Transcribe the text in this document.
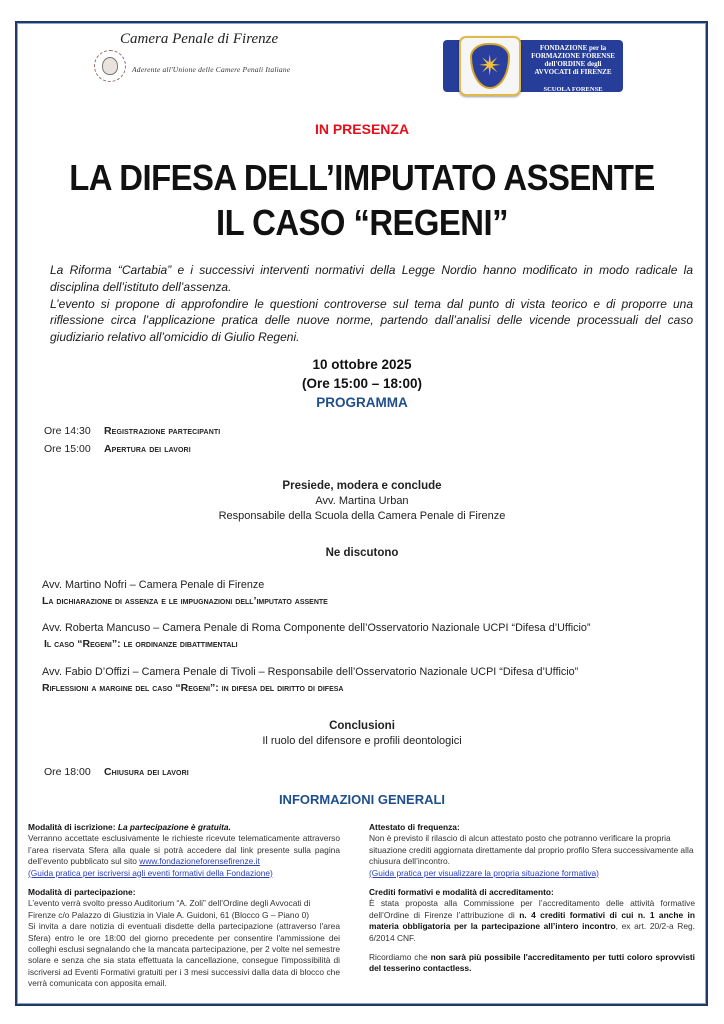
Camera Penale di Firenze
Aderente all'Unione delle Camere Penali Italiane	✴
FONDAZIONE per la
FORMAZIONE FORENSE
dell'ORDINE degli
AVVOCATI di FIRENZE
SCUOLA FORENSE
IN PRESENZA
LA DIFESA DELL’IMPUTATO ASSENTE
IL CASO “REGENI”

La Riforma “Cartabia” e i successivi interventi normativi della Legge Nordio hanno modificato in modo radicale la disciplina dell’istituto dell’assenza.

L’evento si propone di approfondire le questioni controverse sul tema dal punto di vista teorico e di proporre una riflessione circa l’applicazione pratica delle nuove norme, partendo dall’analisi delle vicende processuali del caso giudiziario relativo all’omicidio di Giulio Regeni.

10 ottobre 2025
(Ore 15:00 – 18:00)
PROGRAMMA
Ore 14:30	Registrazione partecipanti
Ore 15:00	Apertura dei lavori
Presiede, modera e conclude
Avv. Martina Urban
Responsabile della Scuola della Camera Penale di Firenze
Ne discutono
Avv. Martino Nofri – Camera Penale di Firenze
La dichiarazione di assenza e le impugnazioni dell’imputato assente
Avv. Roberta Mancuso – Camera Penale di Roma Componente dell’Osservatorio Nazionale UCPI “Difesa d’Ufficio”
Il caso “Regeni”: le ordinanze dibattimentali
Avv. Fabio D’Offizi – Camera Penale di Tivoli – Responsabile dell’Osservatorio Nazionale UCPI “Difesa d’Ufficio”
Riflessioni a margine del caso “Regeni”: in difesa del diritto di difesa
Conclusioni
Il ruolo del difensore e profili deontologici
Ore 18:00	Chiusura dei lavori
INFORMAZIONI GENERALI
Modalità di iscrizione: La partecipazione è gratuita.
Verranno accettate esclusivamente le richieste ricevute telematicamente attraverso l’area riservata Sfera alla quale si potrà accedere dal link presente sulla pagina dell’evento pubblicato sul sito www.fondazioneforensefirenze.it
(Guida pratica per iscriversi agli eventi formativi della Fondazione)
Modalità di partecipazione:
L’evento verrà svolto presso Auditorium “A. Zoli” dell’Ordine degli Avvocati di Firenze c/o Palazzo di Giustizia in Viale A. Guidoni, 61 (Blocco G – Piano 0)
Si invita a dare notizia di eventuali disdette della partecipazione (attraverso l'area Sfera) entro le ore 18:00 del giorno precedente per consentire l'ammissione dei colleghi esclusi segnalando che la mancata partecipazione, per 2 volte nel semestre solare e senza che sia stata effettuata la cancellazione, consegue l'impossibilità di iscriversi ad Eventi Formativi gratuiti per i 3 mesi successivi dalla data di blocco che verrà comunicata con apposita email.
Attestato di frequenza:
Non è previsto il rilascio di alcun attestato posto che potranno verificare la propria situazione crediti aggiornata direttamente dal proprio profilo Sfera successivamente alla chiusura dell’incontro.
(Guida pratica per visualizzare la propria situazione formativa)
Crediti formativi e modalità di accreditamento:
È stata proposta alla Commissione per l’accreditamento delle attività formative dell’Ordine di Firenze l’attribuzione di n. 4 crediti formativi di cui n. 1 anche in materia obbligatoria per la partecipazione all’intero incontro, ex art. 20/2-a Reg. 6/2014 CNF.
Ricordiamo che non sarà più possibile l'accreditamento per tutti coloro sprovvisti del tesserino contactless.
